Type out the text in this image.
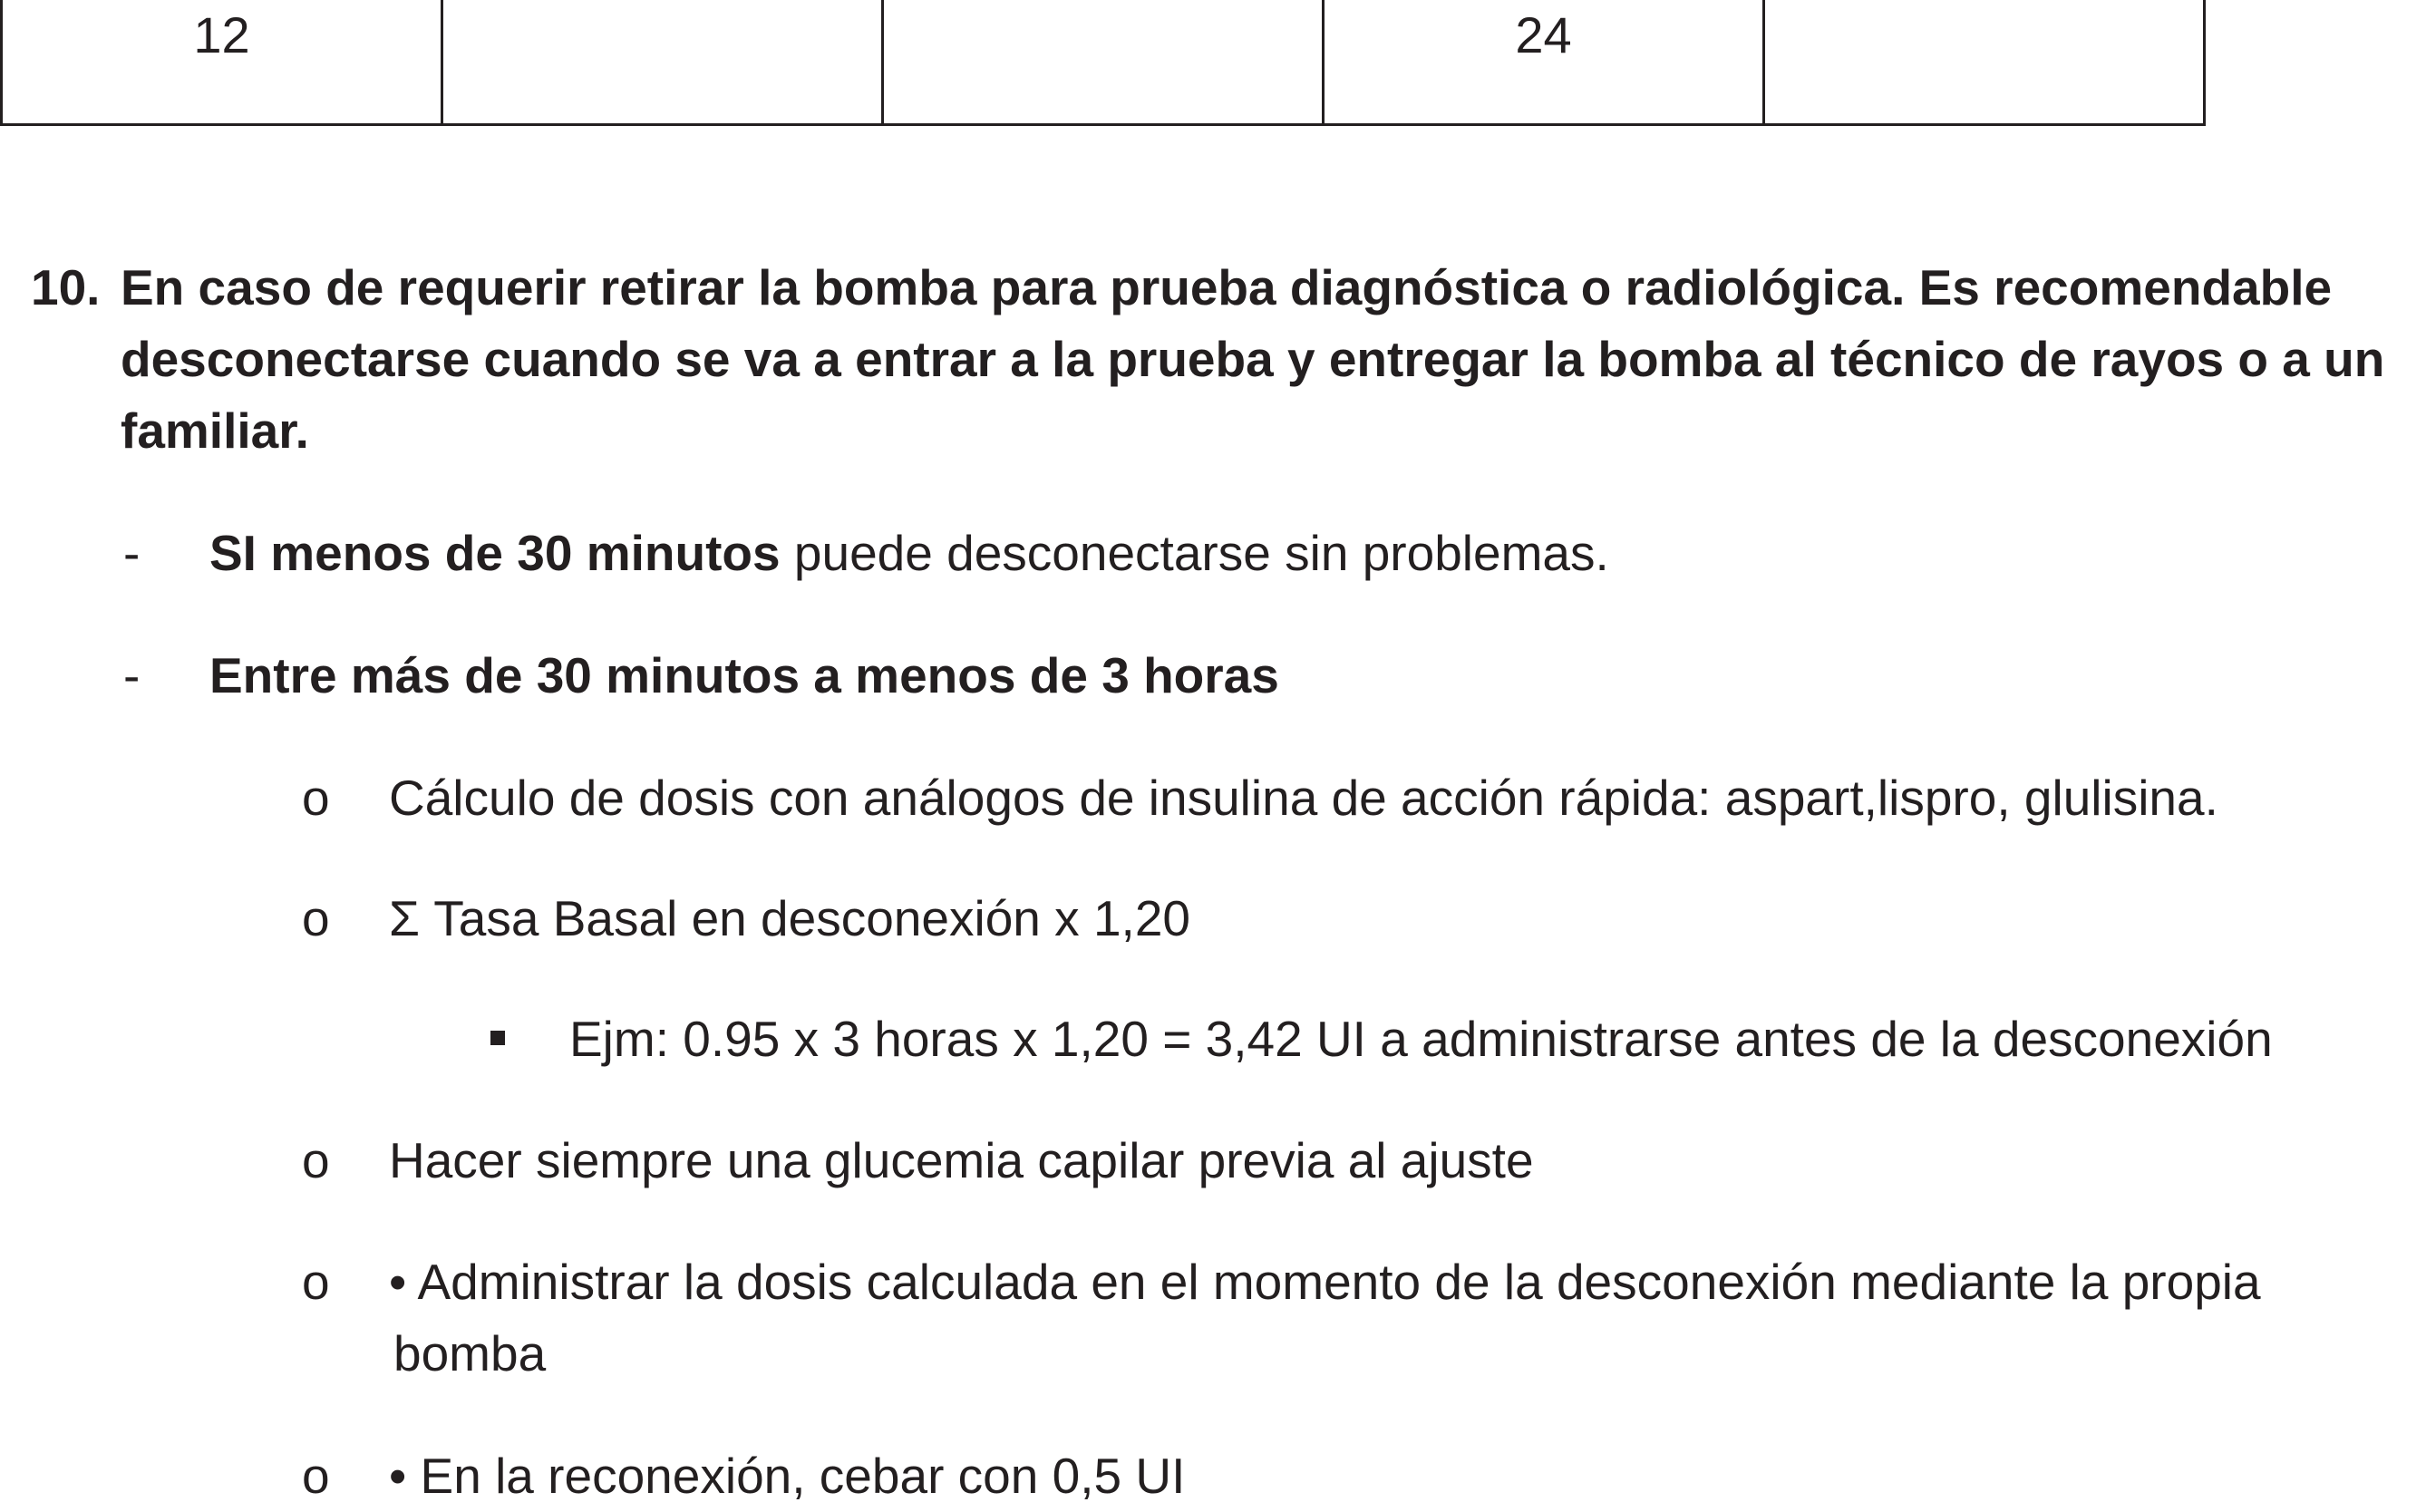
12			24	
10. En caso de requerir retirar la bomba para prueba diagnóstica o radiológica. Es recomendable
desconectarse cuando se va a entrar a la prueba y entregar la bomba al técnico de rayos o a un
familiar.
- SI menos de 30 minutos puede desconectarse sin problemas.
- Entre más de 30 minutos a menos de 3 horas
o Cálculo de dosis con análogos de insulina de acción rápida: aspart,lispro, glulisina.
o Σ Tasa Basal en desconexión x 1,20
Ejm: 0.95 x 3 horas x 1,20 = 3,42 UI a administrarse antes de la desconexión
o Hacer siempre una glucemia capilar previa al ajuste
o • Administrar la dosis calculada en el momento de la desconexión mediante la propia
bomba
o • En la reconexión, cebar con 0,5 UI
